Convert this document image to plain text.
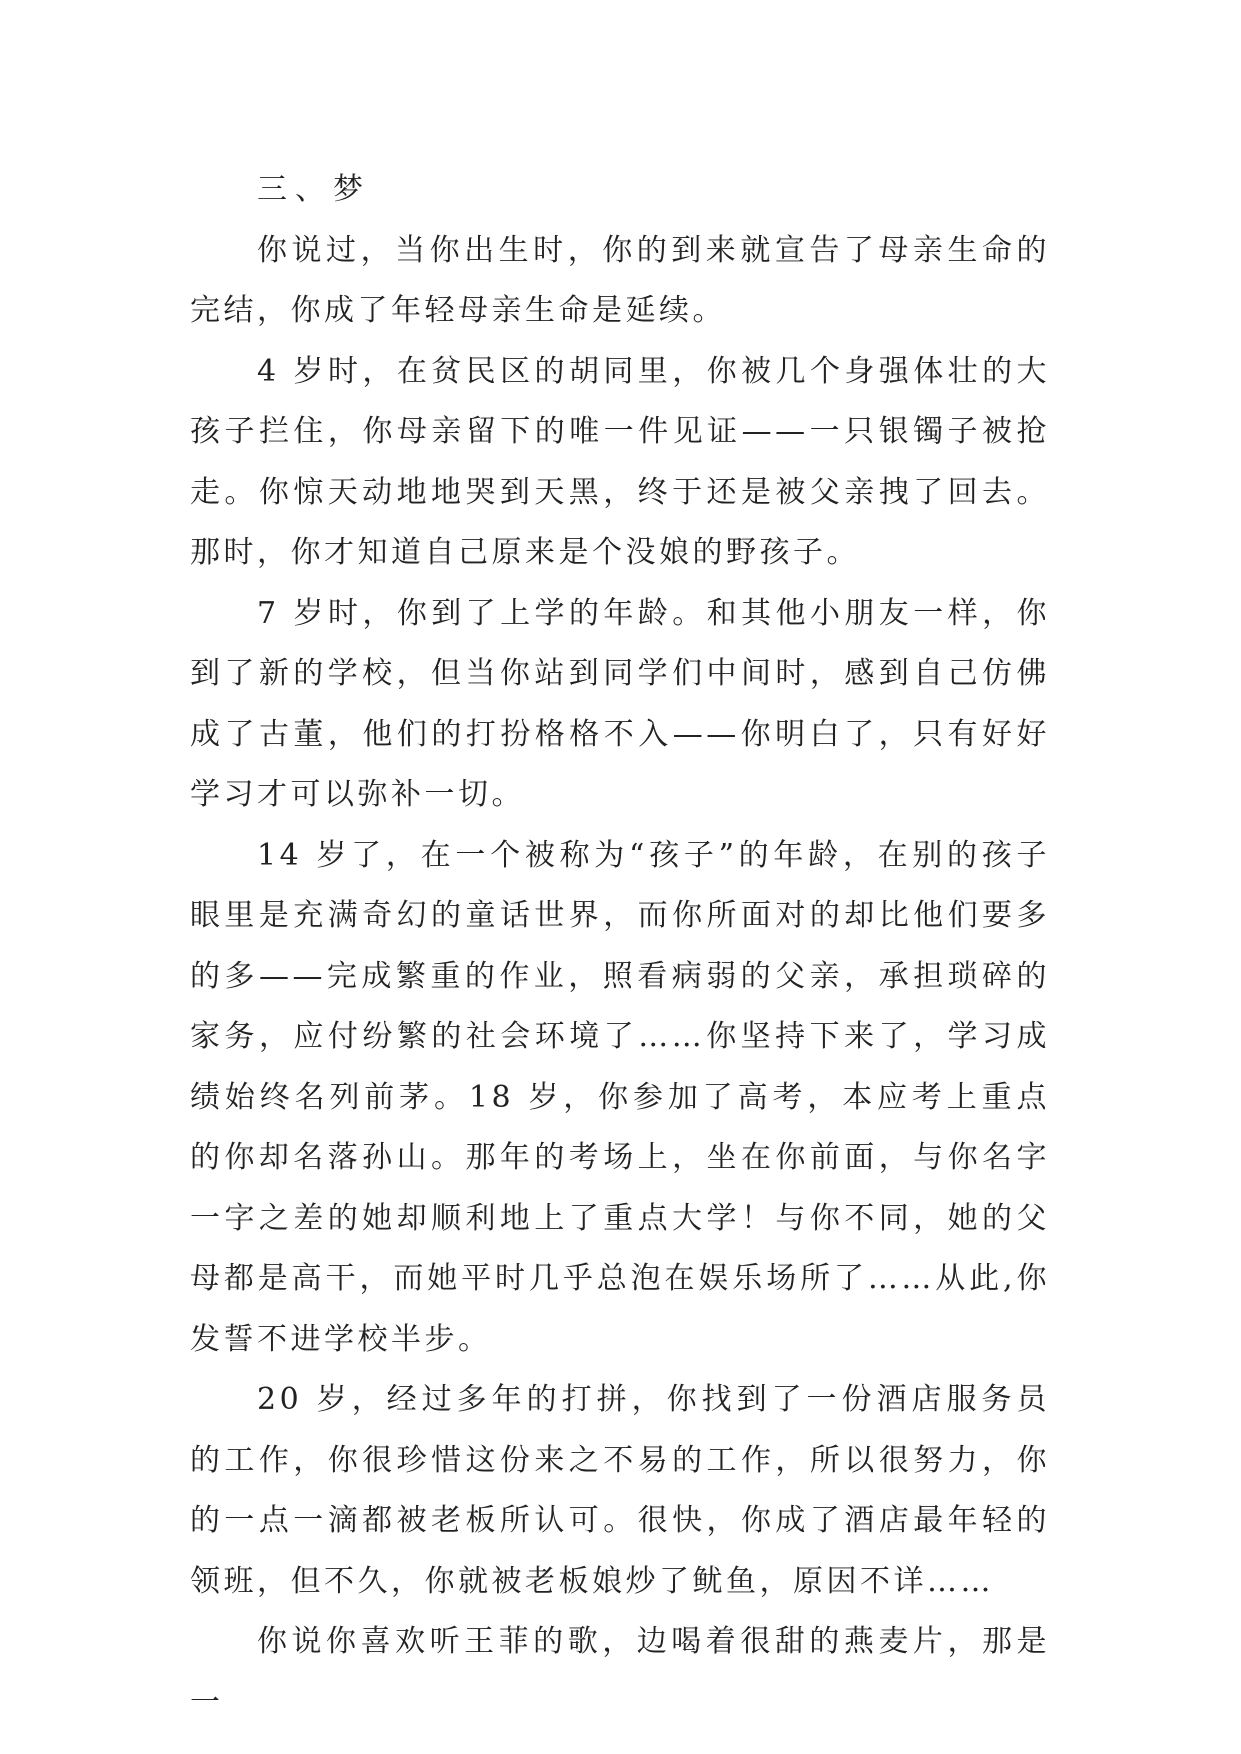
三、梦

你说过，当你出生时，你的到来就宣告了母亲生命的完结，你成了年轻母亲生命是延续。

4 岁时，在贫民区的胡同里，你被几个身强体壮的大孩子拦住，你母亲留下的唯一件见证——一只银镯子被抢走。你惊天动地地哭到天黑，终于还是被父亲拽了回去。那时，你才知道自己原来是个没娘的野孩子。

7 岁时，你到了上学的年龄。和其他小朋友一样，你到了新的学校，但当你站到同学们中间时，感到自己仿佛成了古董，他们的打扮格格不入——你明白了，只有好好学习才可以弥补一切。

14 岁了，在一个被称为“孩子”的年龄，在别的孩子眼里是充满奇幻的童话世界，而你所面对的却比他们要多的多——完成繁重的作业，照看病弱的父亲，承担琐碎的家务，应付纷繁的社会环境了……你坚持下来了，学习成绩始终名列前茅。18 岁，你参加了高考，本应考上重点的你却名落孙山。那年的考场上，坐在你前面，与你名字一字之差的她却顺利地上了重点大学！与你不同，她的父母都是高干，而她平时几乎总泡在娱乐场所了……从此,你发誓不进学校半步。

20 岁，经过多年的打拼，你找到了一份酒店服务员的工作，你很珍惜这份来之不易的工作，所以很努力，你的一点一滴都被老板所认可。很快，你成了酒店最年轻的领班，但不久，你就被老板娘炒了鱿鱼，原因不详……

你说你喜欢听王菲的歌，边喝着很甜的燕麦片，那是一
